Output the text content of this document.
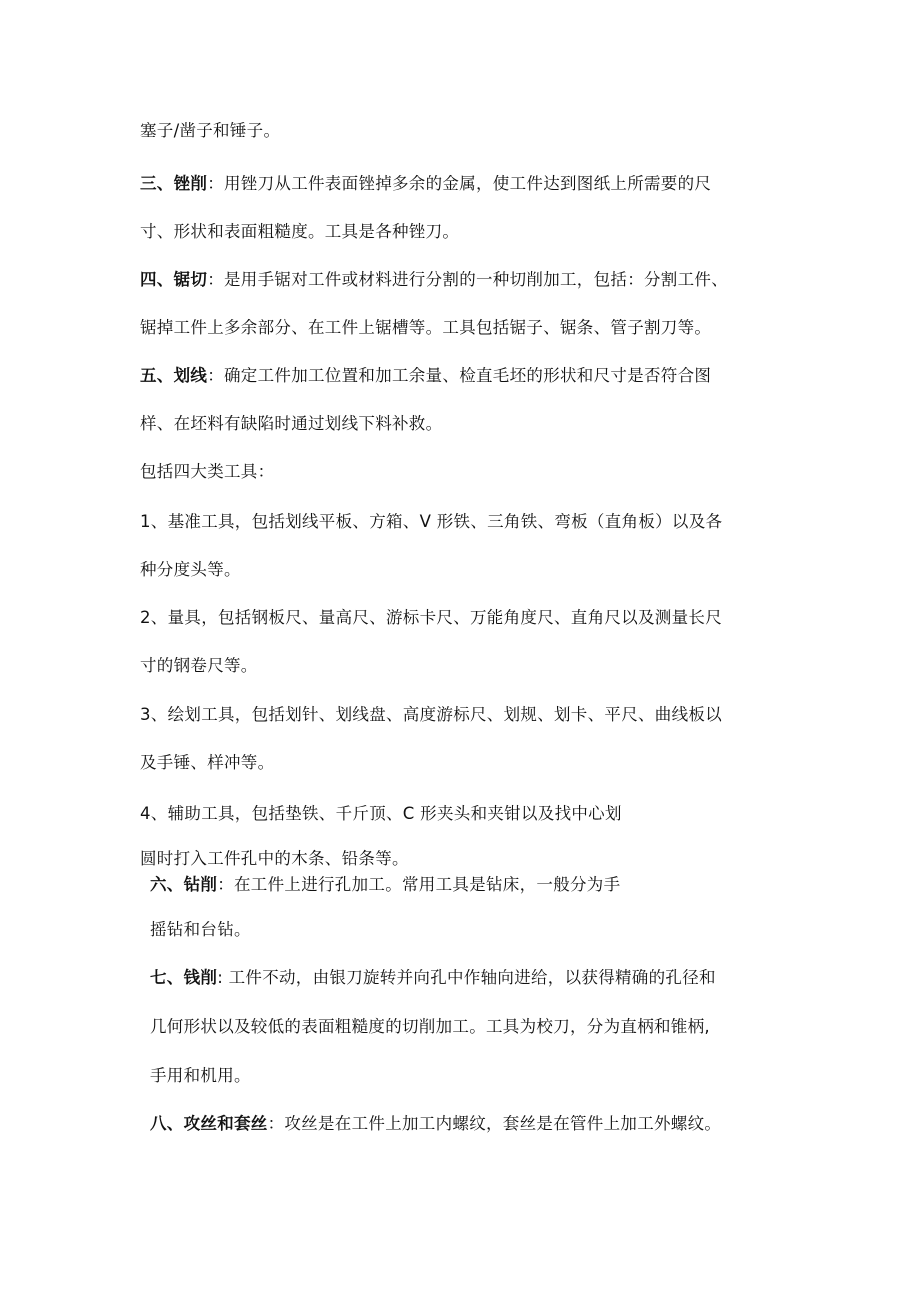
塞子/凿子和锤子。
三、锉削：用锉刀从工件表面锉掉多余的金属，使工件达到图纸上所需要的尺
寸、形状和表面粗糙度。工具是各种锉刀。
四、锯切：是用手锯对工件或材料进行分割的一种切削加工，包括：分割工件、
锯掉工件上多余部分、在工件上锯槽等。工具包括锯子、锯条、管子割刀等。
五、划线：确定工件加工位置和加工余量、检直毛坯的形状和尺寸是否符合图
样、在坯料有缺陷时通过划线下料补救。
包括四大类工具：
1、基准工具，包括划线平板、方箱、V 形铁、三角铁、弯板（直角板）以及各
种分度头等。
2、量具，包括钢板尺、量高尺、游标卡尺、万能角度尺、直角尺以及测量长尺
寸的钢卷尺等。
3、绘划工具，包括划针、划线盘、高度游标尺、划规、划卡、平尺、曲线板以
及手锤、样冲等。
4、辅助工具，包括垫铁、千斤顶、C 形夹头和夹钳以及找中心划
圆时打入工件孔中的木条、铅条等。
六、钻削：在工件上进行孔加工。常用工具是钻床，一般分为手
摇钻和台钻。
七、钱削: 工件不动，由银刀旋转并向孔中作轴向进给，以获得精确的孔径和
几何形状以及较低的表面粗糙度的切削加工。工具为校刀，分为直柄和锥柄,
手用和机用。
八、攻丝和套丝：攻丝是在工件上加工内螺纹，套丝是在管件上加工外螺纹。
